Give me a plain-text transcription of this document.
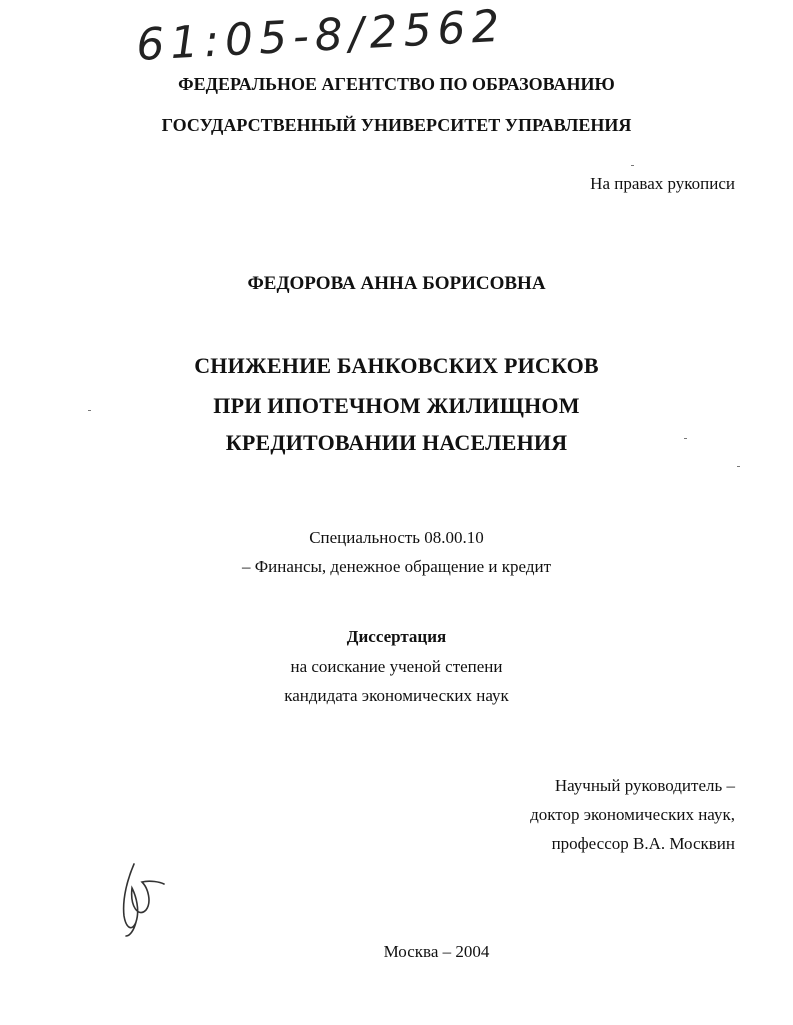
61:05-8/2562
ФЕДЕРАЛЬНОЕ АГЕНТСТВО ПО ОБРАЗОВАНИЮ
ГОСУДАРСТВЕННЫЙ УНИВЕРСИТЕТ УПРАВЛЕНИЯ
На правах рукописи
ФЕДОРОВА АННА БОРИСОВНА
СНИЖЕНИЕ БАНКОВСКИХ РИСКОВ
ПРИ ИПОТЕЧНОМ ЖИЛИЩНОМ
КРЕДИТОВАНИИ НАСЕЛЕНИЯ
Специальность 08.00.10
– Финансы, денежное обращение и кредит
Диссертация
на соискание ученой степени
кандидата экономических наук
Научный руководитель –
доктор экономических наук,
профессор В.А. Москвин
Москва – 2004
